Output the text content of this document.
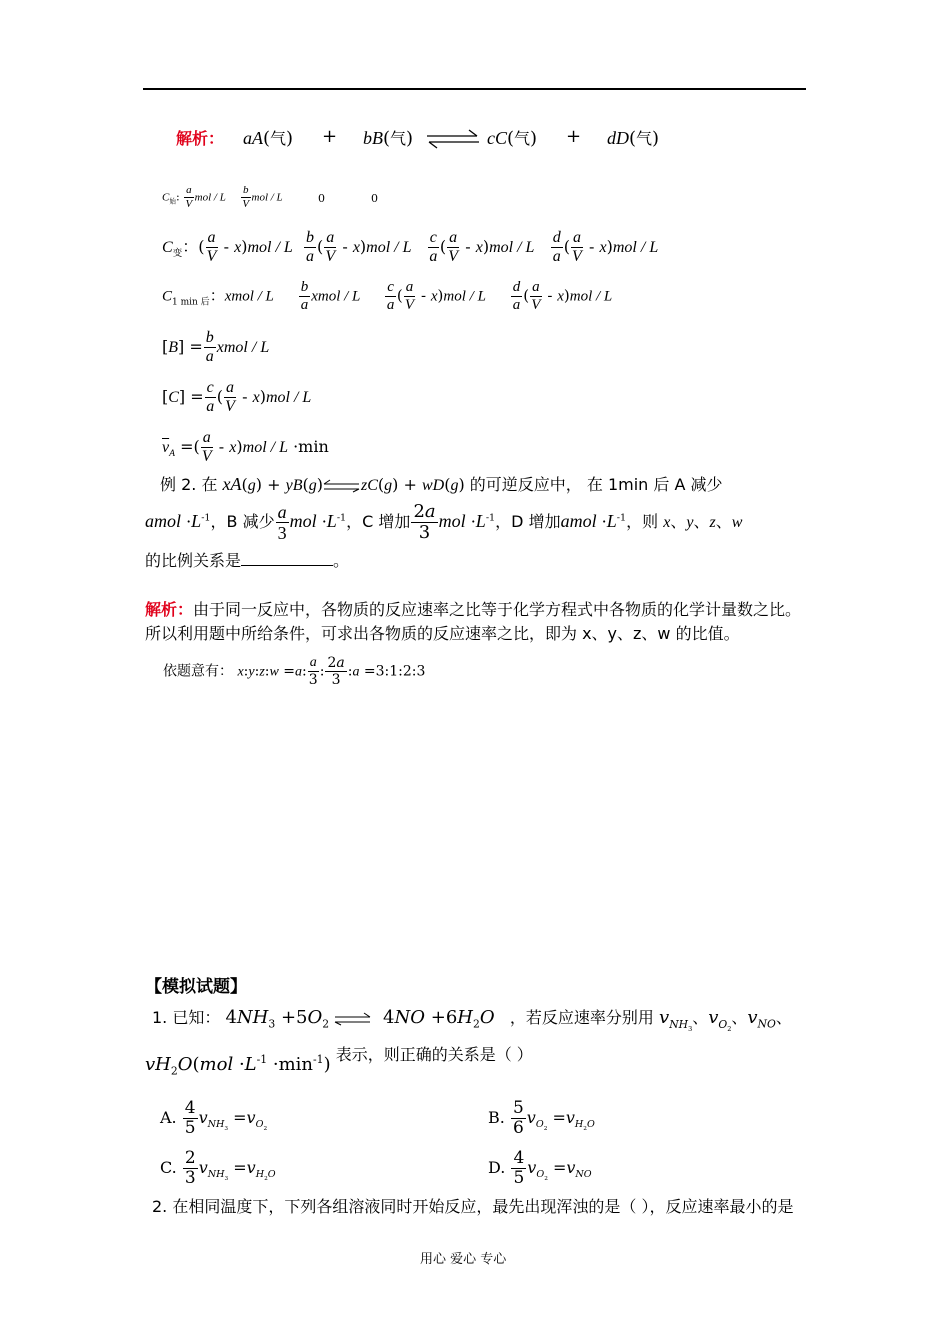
解析： aA(气) + bB(气) ⇌ cC(气) + dD(气)
$C_始$: $\frac{a}{V}$ mol / L $\frac{b}{V}$ mol / L	0	0
$C_变$：( $\frac{a}{V} - x)mol$ / L $\frac{b}{a}$ ( $\frac{a}{V} - x)mol$ / L $\frac{c}{a}$ ( $\frac{a}{V} - x)mol$ / L $\frac{d}{a}$ ( $\frac{a}{V} - x)mol$ / L
$C_{1 min 后}$：xmol / L $\frac{b}{a}$ xmol / L $\frac{c}{a}$ ( $\frac{a}{V} - x)mol$ / L $\frac{d}{a}$ ( $\frac{a}{V} - x)mol$ / L
$[B] = \frac{b}{a}$ xmol / L
$[C] = \frac{c}{a}$ ( $\frac{a}{V} - x)mol$ / L
$\overline{v}_A$ =( $\frac{a}{V} - x)mol / L \cdot\min$
例 2. 在 xA(g) + yB(g) zC(g) + wD(g) 的可逆反应中， 在 1min 后 A 减少
amol $\cdot L^{-1}$，B 减少 $\frac{a}{3}$ mol $\cdot L^{-1}$，C 增加 $\frac{2a}{3}$ mol $\cdot L^{-1}$，D 增加amol $\cdot L^{-1}$，则 x、y、z、w
的比例关系是	。
解析：由于同一反应中，各物质的反应速率之比等于化学方程式中各物质的化学计量数之比。
所以利用题中所给条件，可求出各物质的反应速率之比，即为 x、y、z、w 的比值。
依题意有： x:y:z:w =a: $\frac{a}{3}$ : $\frac{2a}{3}$ :a =3:1:2:3
【模拟试题】
1. 已知： $4NH_3 +5O_2$	$4NO +6H_2O$ ，若反应速率分别用 $v_{NH_3}$、$v_{O_2}$、$v_{NO}$、
$vH_2O(mol \cdot L^{-1} \cdot\min^{-1})$ 表示，则正确的关系是（ ）
A. $\frac{4}{5} v_{NH_3} =v_{O_2}$
B. $\frac{5}{6} v_{O_2} =v_{H_2O}$
C. $\frac{2}{3} v_{NH_3} =v_{H_2O}$	D. $\frac{4}{5} v_{O_2} =v_{NO}$
2. 在相同温度下，下列各组溶液同时开始反应，最先出现浑浊的是（ ），反应速率最小的是
用心 爱心 专心
